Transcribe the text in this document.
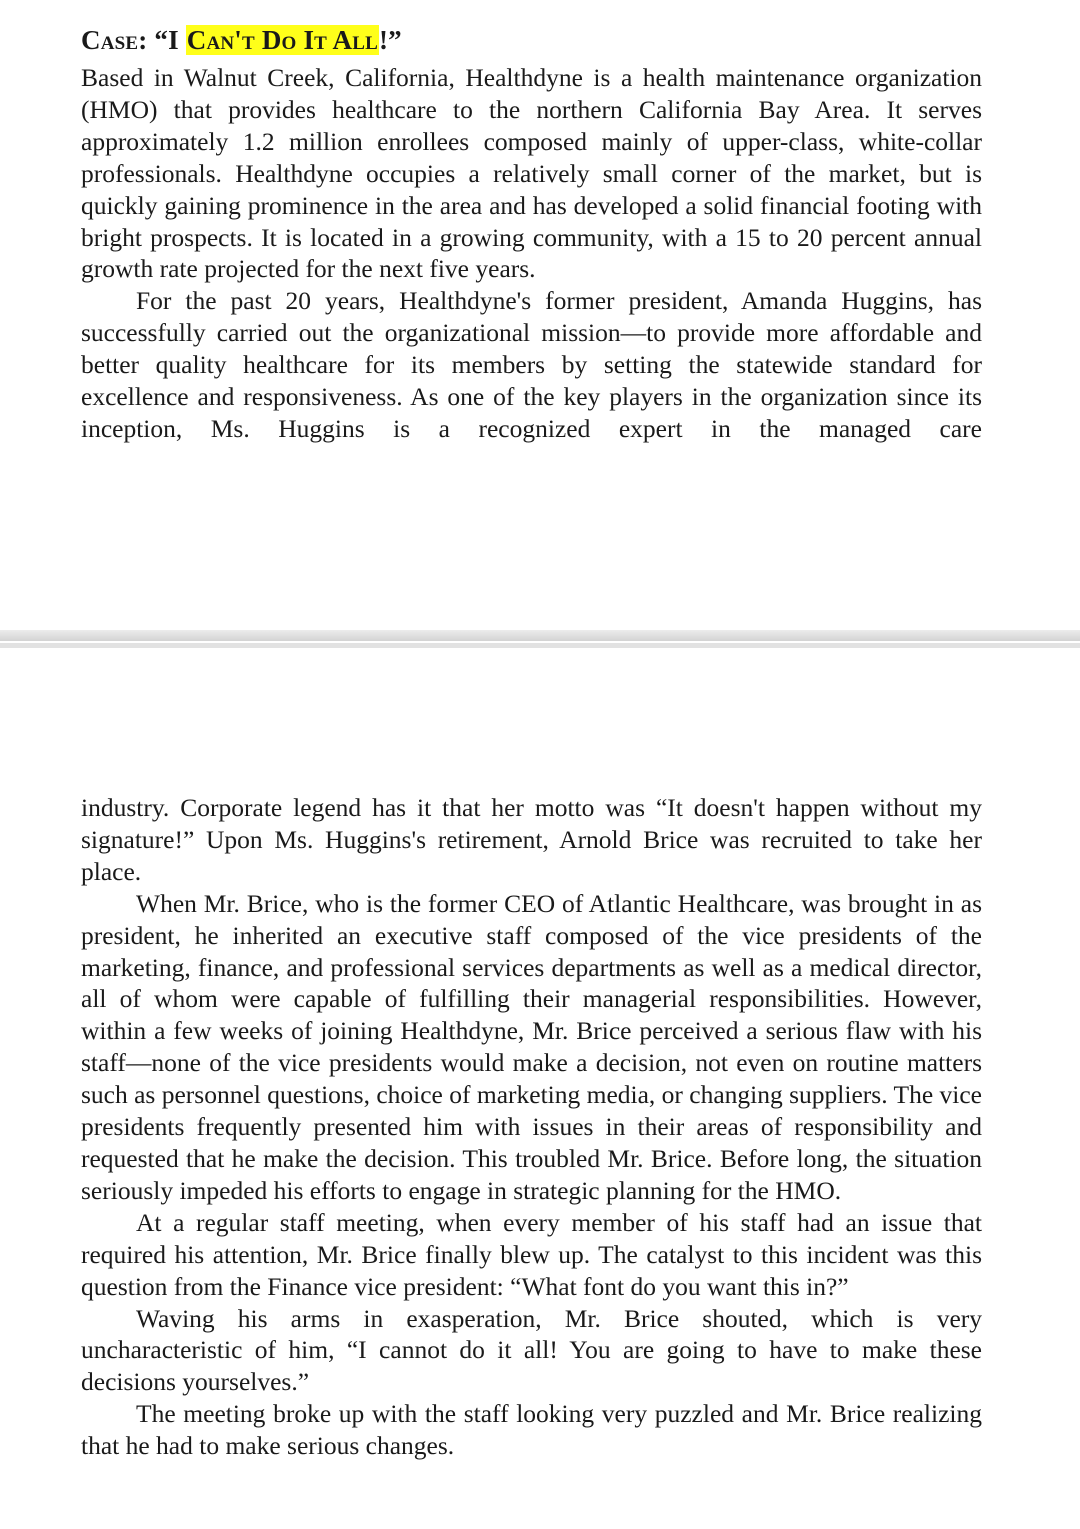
Case: “I Can't Do It All!”

Based in Walnut Creek, California, Healthdyne is a health maintenance organization (HMO) that provides healthcare to the northern California Bay Area. It serves approximately 1.2 million enrollees composed mainly of upper-class, white-collar professionals. Healthdyne occupies a relatively small corner of the market, but is quickly gaining prominence in the area and has developed a solid financial footing with bright prospects. It is located in a growing community, with a 15 to 20 percent annual growth rate projected for the next five years.

For the past 20 years, Healthdyne's former president, Amanda Huggins, has successfully carried out the organizational mission—to provide more affordable and better quality healthcare for its members by setting the statewide standard for excellence and responsiveness. As one of the key players in the organization since its inception, Ms. Huggins is a recognized expert in the managed care

industry. Corporate legend has it that her motto was “It doesn't happen without my signature!” Upon Ms. Huggins's retirement, Arnold Brice was recruited to take her place.

When Mr. Brice, who is the former CEO of Atlantic Healthcare, was brought in as president, he inherited an executive staff composed of the vice presidents of the marketing, finance, and professional services departments as well as a medical director, all of whom were capable of fulfilling their managerial responsibilities. However, within a few weeks of joining Healthdyne, Mr. Brice perceived a serious flaw with his staff—none of the vice presidents would make a decision, not even on routine matters such as personnel questions, choice of marketing media, or changing suppliers. The vice presidents frequently presented him with issues in their areas of responsibility and requested that he make the decision. This troubled Mr. Brice. Before long, the situation seriously impeded his efforts to engage in strategic planning for the HMO.

At a regular staff meeting, when every member of his staff had an issue that required his attention, Mr. Brice finally blew up. The catalyst to this incident was this question from the Finance vice president: “What font do you want this in?”

Waving his arms in exasperation, Mr. Brice shouted, which is very uncharacteristic of him, “I cannot do it all! You are going to have to make these decisions yourselves.”

The meeting broke up with the staff looking very puzzled and Mr. Brice realizing that he had to make serious changes.
